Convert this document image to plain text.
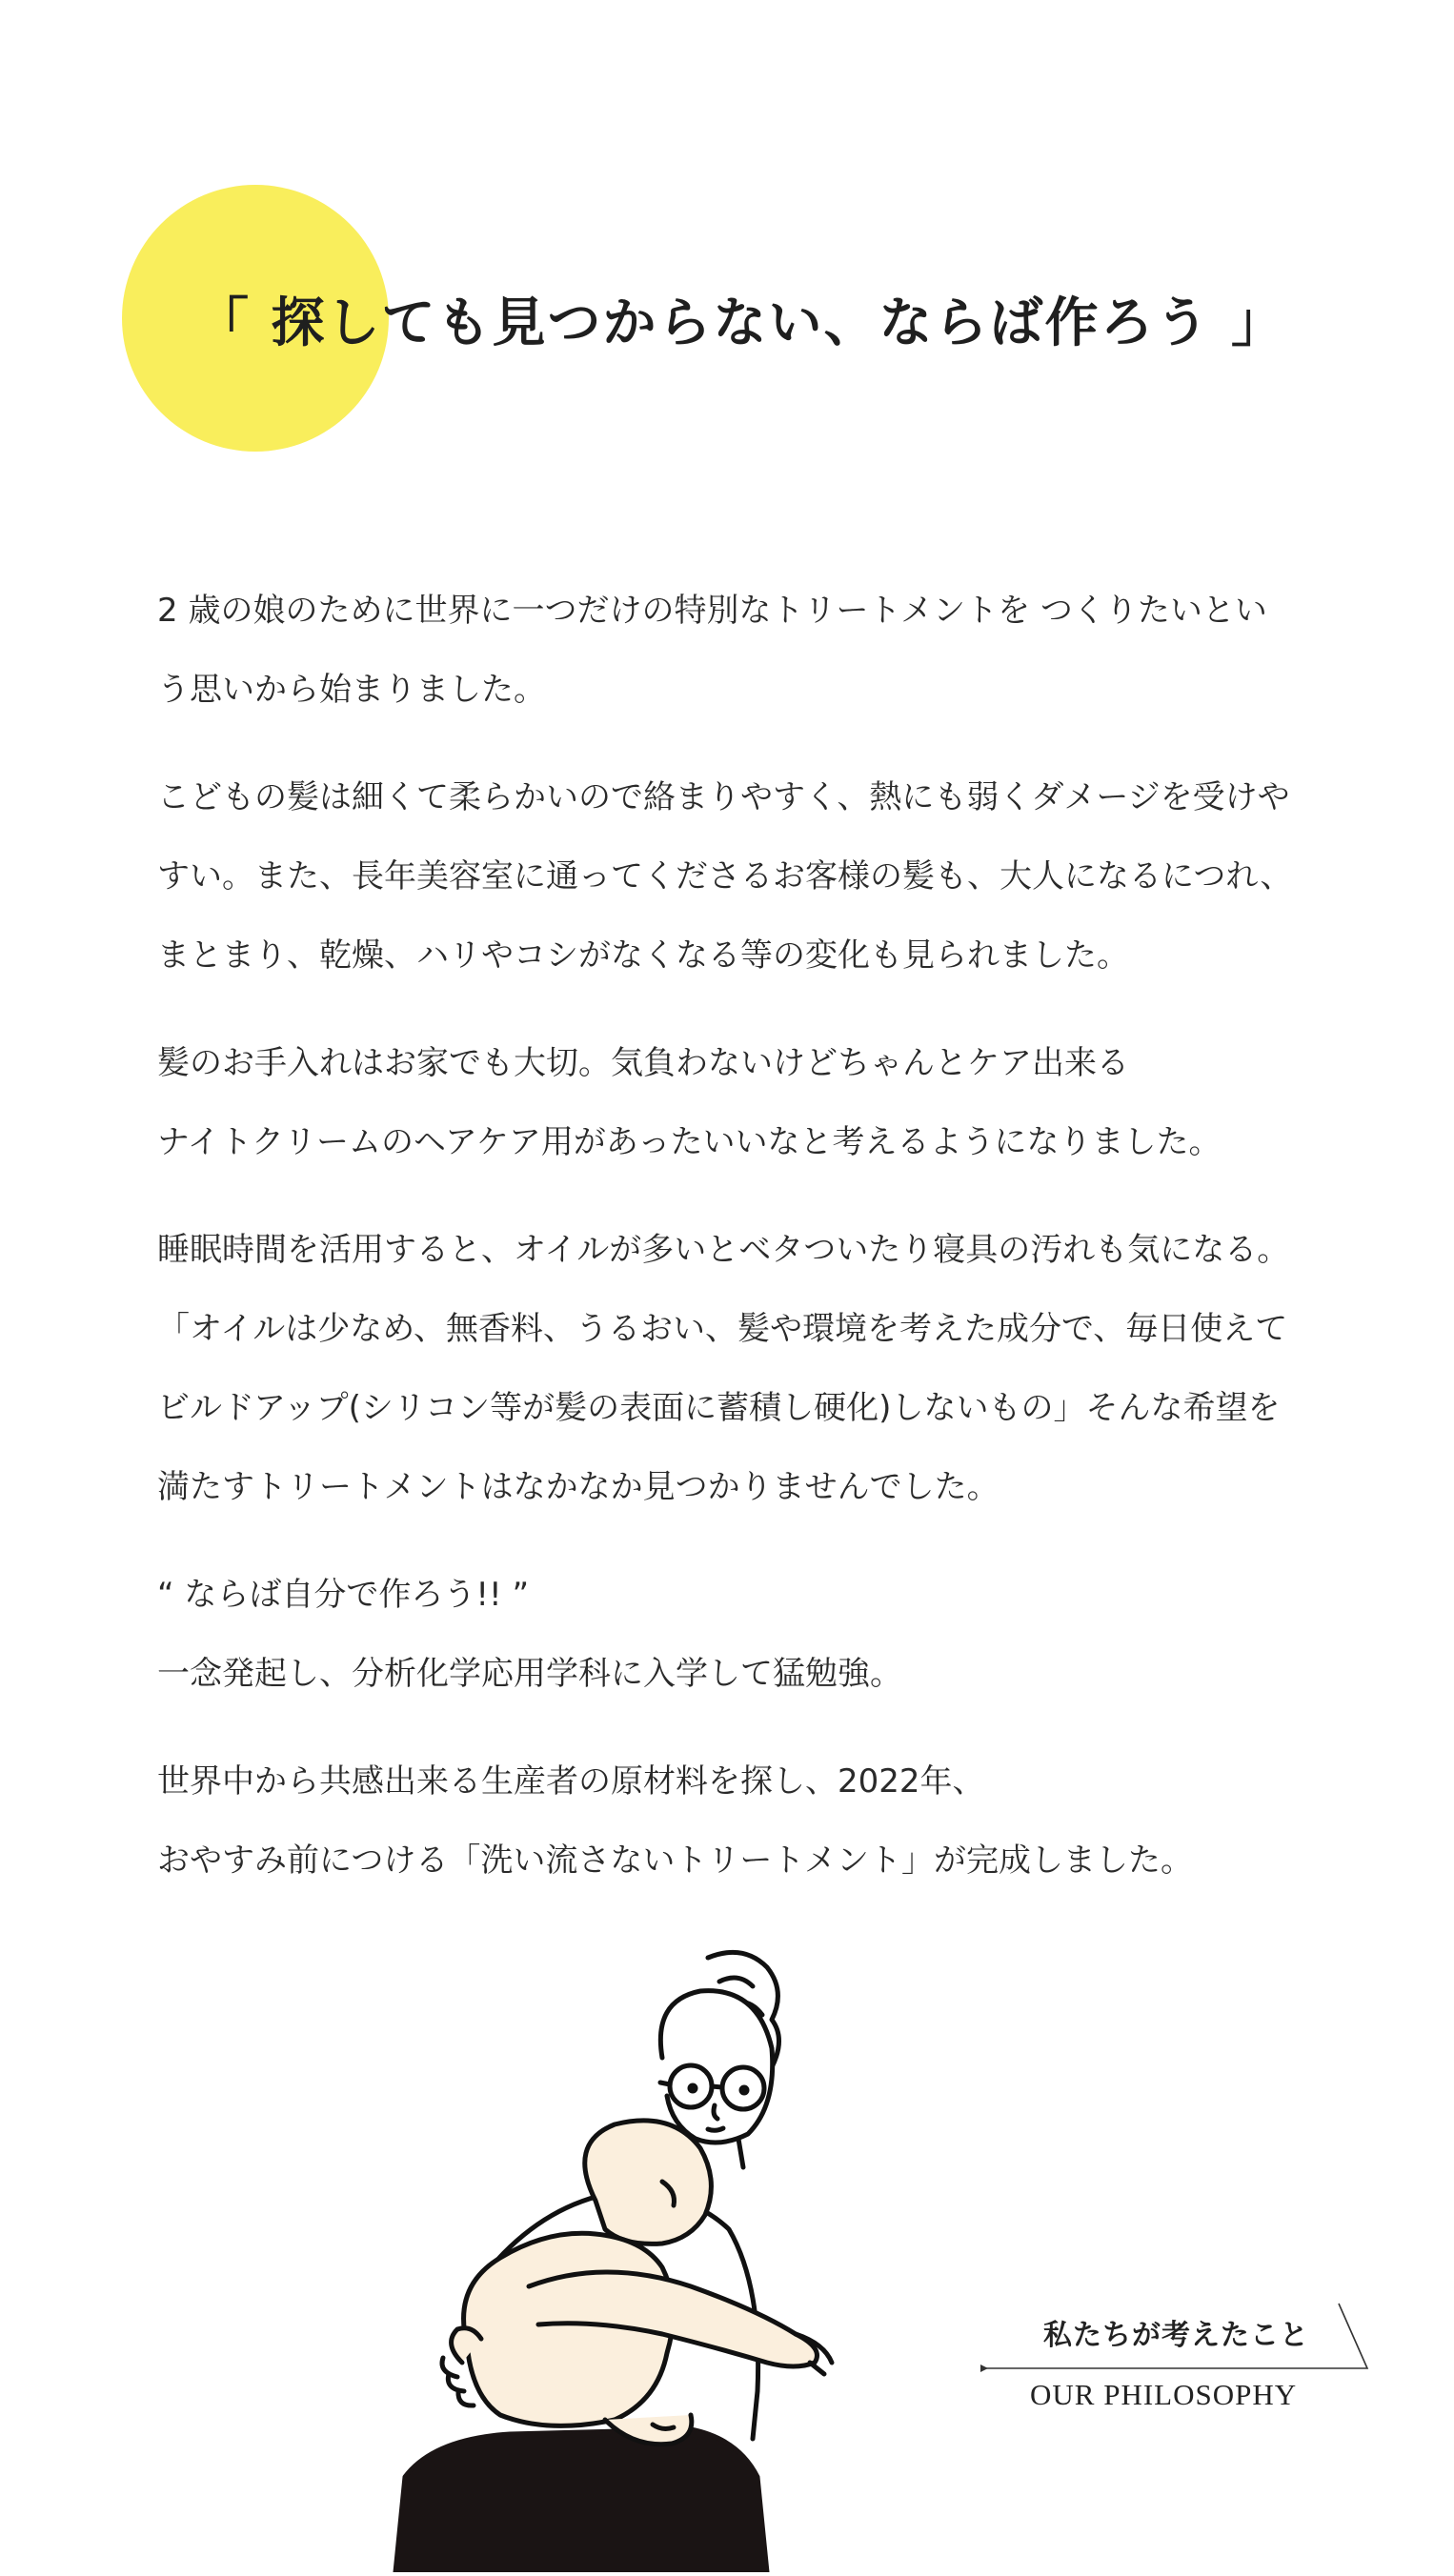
「 探しても見つからない、ならば作ろう 」

2 歳の娘のために世界に一つだけの特別なトリートメントを つくりたいとい
う思いから始まりました。

こどもの髪は細くて柔らかいので絡まりやすく、熱にも弱くダメージを受けや
すい。また、長年美容室に通ってくださるお客様の髪も、大人になるにつれ、
まとまり、乾燥、ハリやコシがなくなる等の変化も見られました。

髪のお手入れはお家でも大切。気負わないけどちゃんとケア出来る
ナイトクリームのヘアケア用があったいいなと考えるようになりました。

睡眠時間を活用すると、オイルが多いとベタついたり寝具の汚れも気になる。
「オイルは少なめ、無香料、うるおい、髪や環境を考えた成分で、毎日使えて
ビルドアップ(シリコン等が髪の表面に蓄積し硬化)しないもの」そんな希望を
満たすトリートメントはなかなか見つかりませんでした。

“ ならば自分で作ろう!! ”
一念発起し、分析化学応用学科に入学して猛勉強。

世界中から共感出来る生産者の原材料を探し、2022年、
おやすみ前につける「洗い流さないトリートメント」が完成しました。

私たちが考えたこと
OUR PHILOSOPHY
